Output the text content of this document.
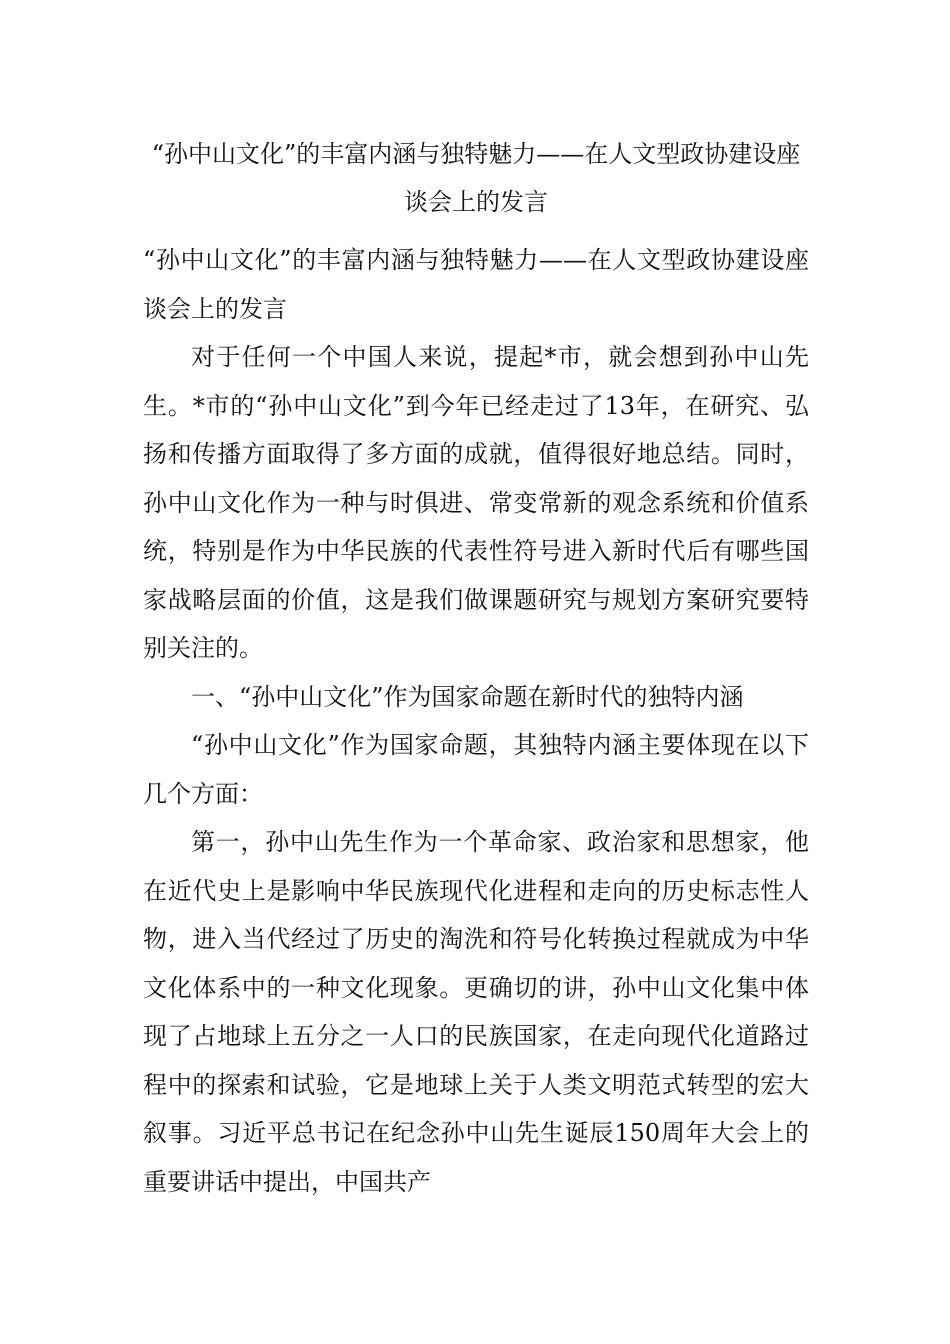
“孙中山文化”的丰富内涵与独特魅力——在人文型政协建设座谈会上的发言

“孙中山文化”的丰富内涵与独特魅力——在人文型政协建设座谈会上的发言

对于任何一个中国人来说，提起*市，就会想到孙中山先生。*市的“孙中山文化”到今年已经走过了13年，在研究、弘扬和传播方面取得了多方面的成就，值得很好地总结。同时，孙中山文化作为一种与时俱进、常变常新的观念系统和价值系统，特别是作为中华民族的代表性符号进入新时代后有哪些国家战略层面的价值，这是我们做课题研究与规划方案研究要特别关注的。

一、“孙中山文化”作为国家命题在新时代的独特内涵

“孙中山文化”作为国家命题，其独特内涵主要体现在以下几个方面：

第一，孙中山先生作为一个革命家、政治家和思想家，他在近代史上是影响中华民族现代化进程和走向的历史标志性人物，进入当代经过了历史的淘洗和符号化转换过程就成为中华文化体系中的一种文化现象。更确切的讲，孙中山文化集中体现了占地球上五分之一人口的民族国家，在走向现代化道路过程中的探索和试验，它是地球上关于人类文明范式转型的宏大叙事。习近平总书记在纪念孙中山先生诞辰150周年大会上的重要讲话中提出，中国共产
